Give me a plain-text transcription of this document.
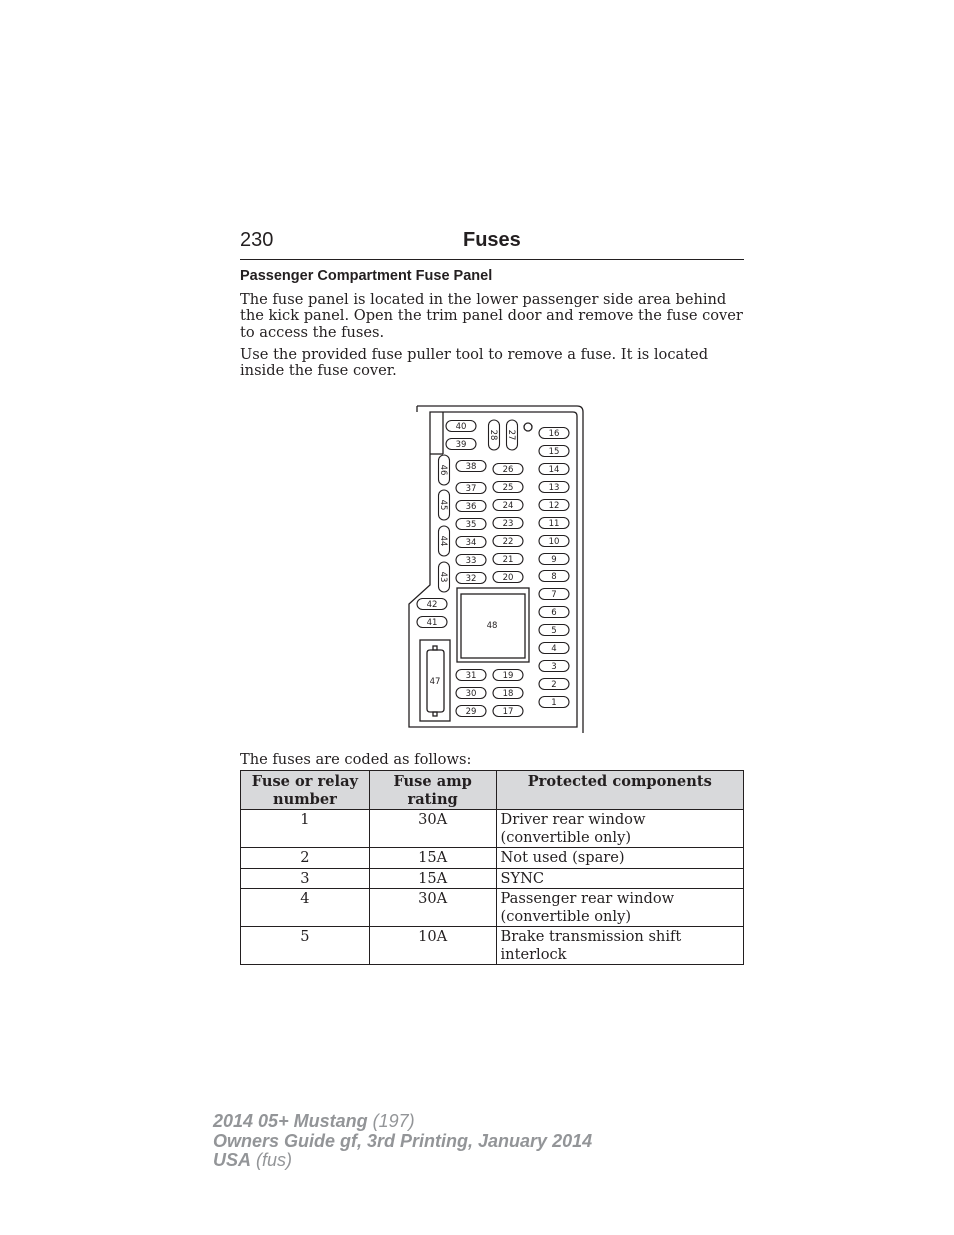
230	Fuses
Passenger Compartment Fuse Panel
The fuse panel is located in the lower passenger side area behind the kick panel. Open the trim panel door and remove the fuse cover to access the fuses.
Use the provided fuse puller tool to remove a fuse. It is located inside the fuse cover.
48
47
16
15
14
13
12
11
10
9
8
7
6
5
4
3
2
1
40
39
38
37
36
35
34
33
32
26
25
24
23
22
21
20
42
41
31
30
29
19
18
17
28 27
46
45
44
43
The fuses are coded as follows:
Fuse or relay number	Fuse amp rating	Protected components
1	30A	Driver rear window (convertible only)
2	15A	Not used (spare)
3	15A	SYNC
4	30A	Passenger rear window (convertible only)
5	10A	Brake transmission shift interlock
2014 05+ Mustang (197)
Owners Guide gf, 3rd Printing, January 2014
USA (fus)
